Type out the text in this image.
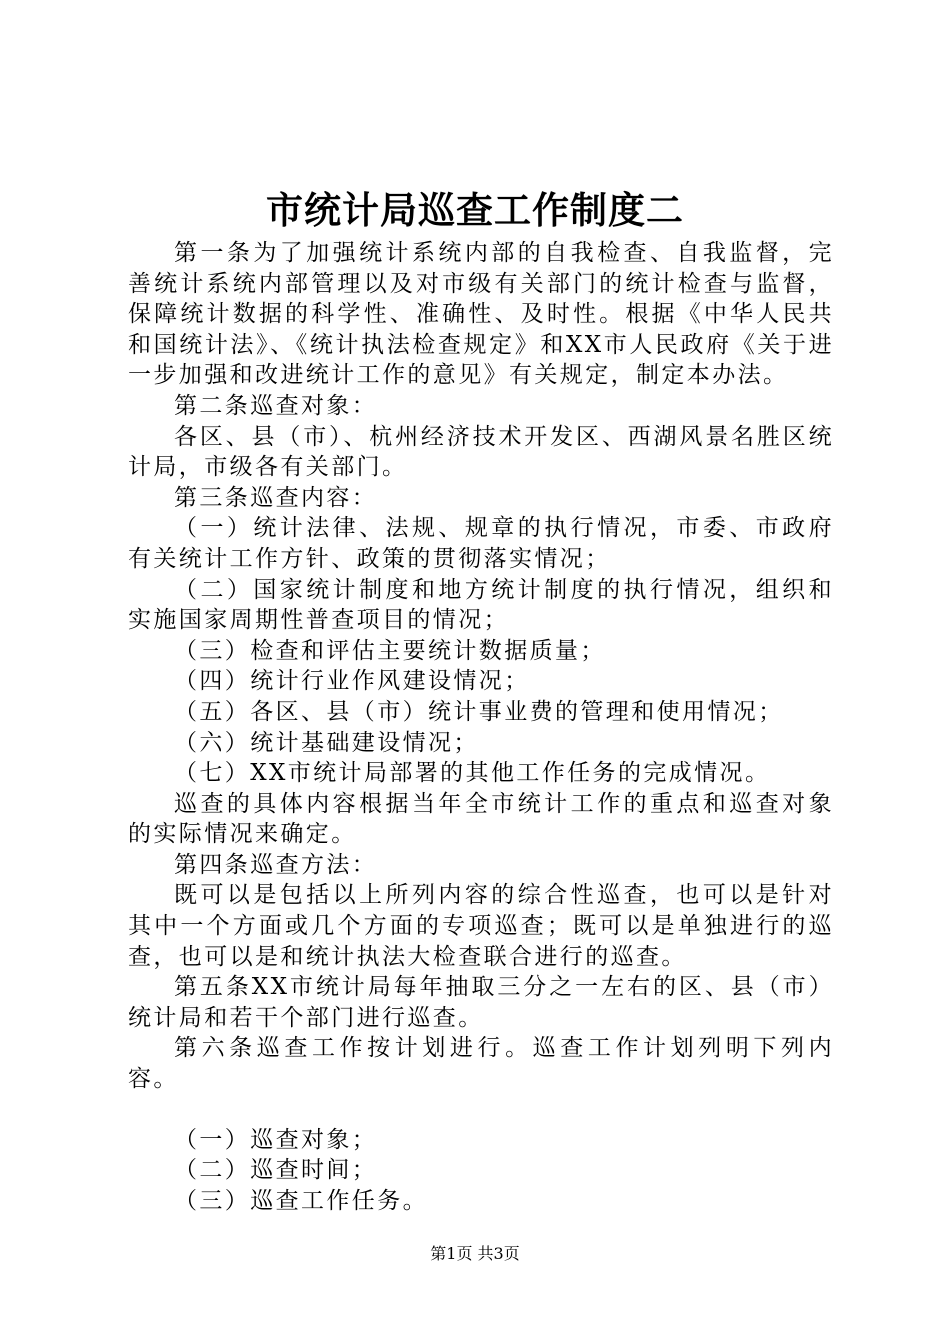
市统计局巡查工作制度二

第一条为了加强统计系统内部的自我检查、自我监督，完善统计系统内部管理以及对市级有关部门的统计检查与监督，保障统计数据的科学性、准确性、及时性。根据《中华人民共和国统计法》、《统计执法检查规定》和XX市人民政府《关于进一步加强和改进统计工作的意见》有关规定，制定本办法。

第二条巡查对象：

各区、县（市）、杭州经济技术开发区、西湖风景名胜区统计局，市级各有关部门。

第三条巡查内容：

（一）统计法律、法规、规章的执行情况，市委、市政府有关统计工作方针、政策的贯彻落实情况；

（二）国家统计制度和地方统计制度的执行情况，组织和实施国家周期性普查项目的情况；

（三）检查和评估主要统计数据质量；

（四）统计行业作风建设情况；

（五）各区、县（市）统计事业费的管理和使用情况；

（六）统计基础建设情况；

（七）XX市统计局部署的其他工作任务的完成情况。

巡查的具体内容根据当年全市统计工作的重点和巡查对象的实际情况来确定。

第四条巡查方法：

既可以是包括以上所列内容的综合性巡查，也可以是针对其中一个方面或几个方面的专项巡查；既可以是单独进行的巡查，也可以是和统计执法大检查联合进行的巡查。

第五条XX市统计局每年抽取三分之一左右的区、县（市）统计局和若干个部门进行巡查。

第六条巡查工作按计划进行。巡查工作计划列明下列内容。

（一）巡查对象；

（二）巡查时间；

（三）巡查工作任务。

第1页 共3页
